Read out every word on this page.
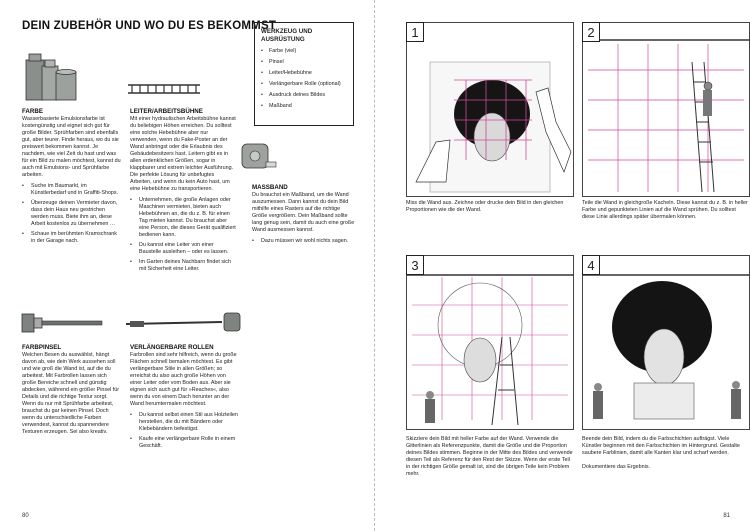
DEIN ZUBEHÖR UND WO DU ES BEKOMMST
FARBE

Wasserbasierte Emulsionsfarbe ist kostengünstig und eignet sich gut für große Bilder. Sprühfarben sind ebenfalls gut, aber teurer. Finde heraus, wo du sie preiswert bekommen kannst. Je nachdem, wie viel Zeit du hast und was für ein Bild zu malen möchtest, kannst du auch mit Emulsions- und Sprühfarbe arbeiten.

• Suche im Baumarkt, im Künstlerbedarf und in Graffiti-Shops.
• Überzeuge deinen Vermieter davon, dass dein Haus neu gestrichen werden muss. Biete ihm an, diese Arbeit kostenlos zu übernehmen …
• Schaue im berühmten Kramschrank in der Garage nach.
LEITER/ARBEITSBÜHNE

Mit einer hydraulischen Arbeitsbühne kannst du beliebigen Höhen erreichen. Du solltest eine solche Hebebühne aber nur verwenden, wenn du Fake-Poster an der Wand anbringst oder die Erlaubnis des Gebäudebesitzers hast. Leitern gibt es in allen erdenklichen Größen, sogar in klappbarer und extrem leichter Ausführung. Die perfekte Lösung für unbefugtes Arbeiten, und wenn du kein Auto hast, um eine Hebebühne zu transportieren.

• Unternehmen, die große Anlagen oder Maschinen vermieten, bieten auch Hebebühnen an, die du z. B. für einen Tag mieten kannst. Du brauchst aber eine Person, die dieses Gerät qualifiziert bedienen kann.
• Du kannst eine Leiter von einer Baustelle ausleihen – oder es lassen.
• Im Garten deines Nachbarn findet sich mit Sicherheit eine Leiter.
WERKZEUG UND AUSRÜSTUNG
• Farbe (viel)
• Pinsel
• Leiter/Hebebühne
• Verlängerbare Rolle (optional)
• Ausdruck deines Bildes
• Maßband
MASSBAND

Du brauchst ein Maßband, um die Wand auszumessen. Dann kannst du dein Bild mithilfe eines Rasters auf die richtige Größe vergrößern. Dein Maßband sollte lang genug sein, damit du auch eine große Wand ausmessen kannst.

• Dazu müssen wir wohl nichts sagen.
FARBPINSEL

Welchen Besen du auswählst, hängt davon ab, wie dein Werk aussehen soll und wie groß die Wand ist, auf die du arbeitest. Mit Farbrollen lassen sich große Bereiche schnell und günstig abdecken, während ein größer Pinsel für Details und die richtige Textur sorgt. Wenn du nur mit Sprühfarbe arbeitest, brauchst du gar keinen Pinsel. Doch wenn du unterschiedliche Farben verwendest, kannst du spannendere Texturen erzeugen. Sei also kreativ.

VERLÄNGERBARE ROLLEN

Farbrollen sind sehr hilfreich, wenn du große Flächen schnell bemalen möchtest. Es gibt verlängerbare Stile in allen Größen; so erreichst du also auch große Höhen von einer Leiter oder vom Boden aus. Aber sie eignen sich auch gut für »Reaches«, also wenn du von einem Dach herunter an der Wand herumtermalen möchtest.

• Du kannst selbst einen Stil aus Holzteilen herstellen, die du mit Bändern oder Klebebändern befestigst.
• Kaufe eine verlängerbare Rolle in einem Geschäft.
80
1
Miss die Wand aus. Zeichne oder drucke dein Bild in den gleichen Proportionen wie die der Wand.
2
Teile die Wand in gleichgroße Kacheln. Diese kannst du z. B. in heller Farbe und gepunkteten Linien auf die Wand sprühen. Du solltest diese Linie allerdings später übermalen können.
3
Skizziere dein Bild mit heller Farbe auf der Wand. Verwende die Gitterlinien als Referenzpunkte, damit die Größe und die Proportion deines Bildes stimmen. Beginne in der Mitte des Bildes und verwende diesen Teil als Referenz für den Rest der Skizze. Wenn der erste Teil in der richtigen Größe gemalt ist, sind die übrigen Teile kein Problem mehr.
4
Beende dein Bild, indem du die Farbschichten aufträgst. Viele Künstler beginnen mit den Farbschichten im Hintergrund. Gestalte saubere Farblinien, damit alle Kanten klar und scharf werden.

Dokumentiere das Ergebnis.
81
